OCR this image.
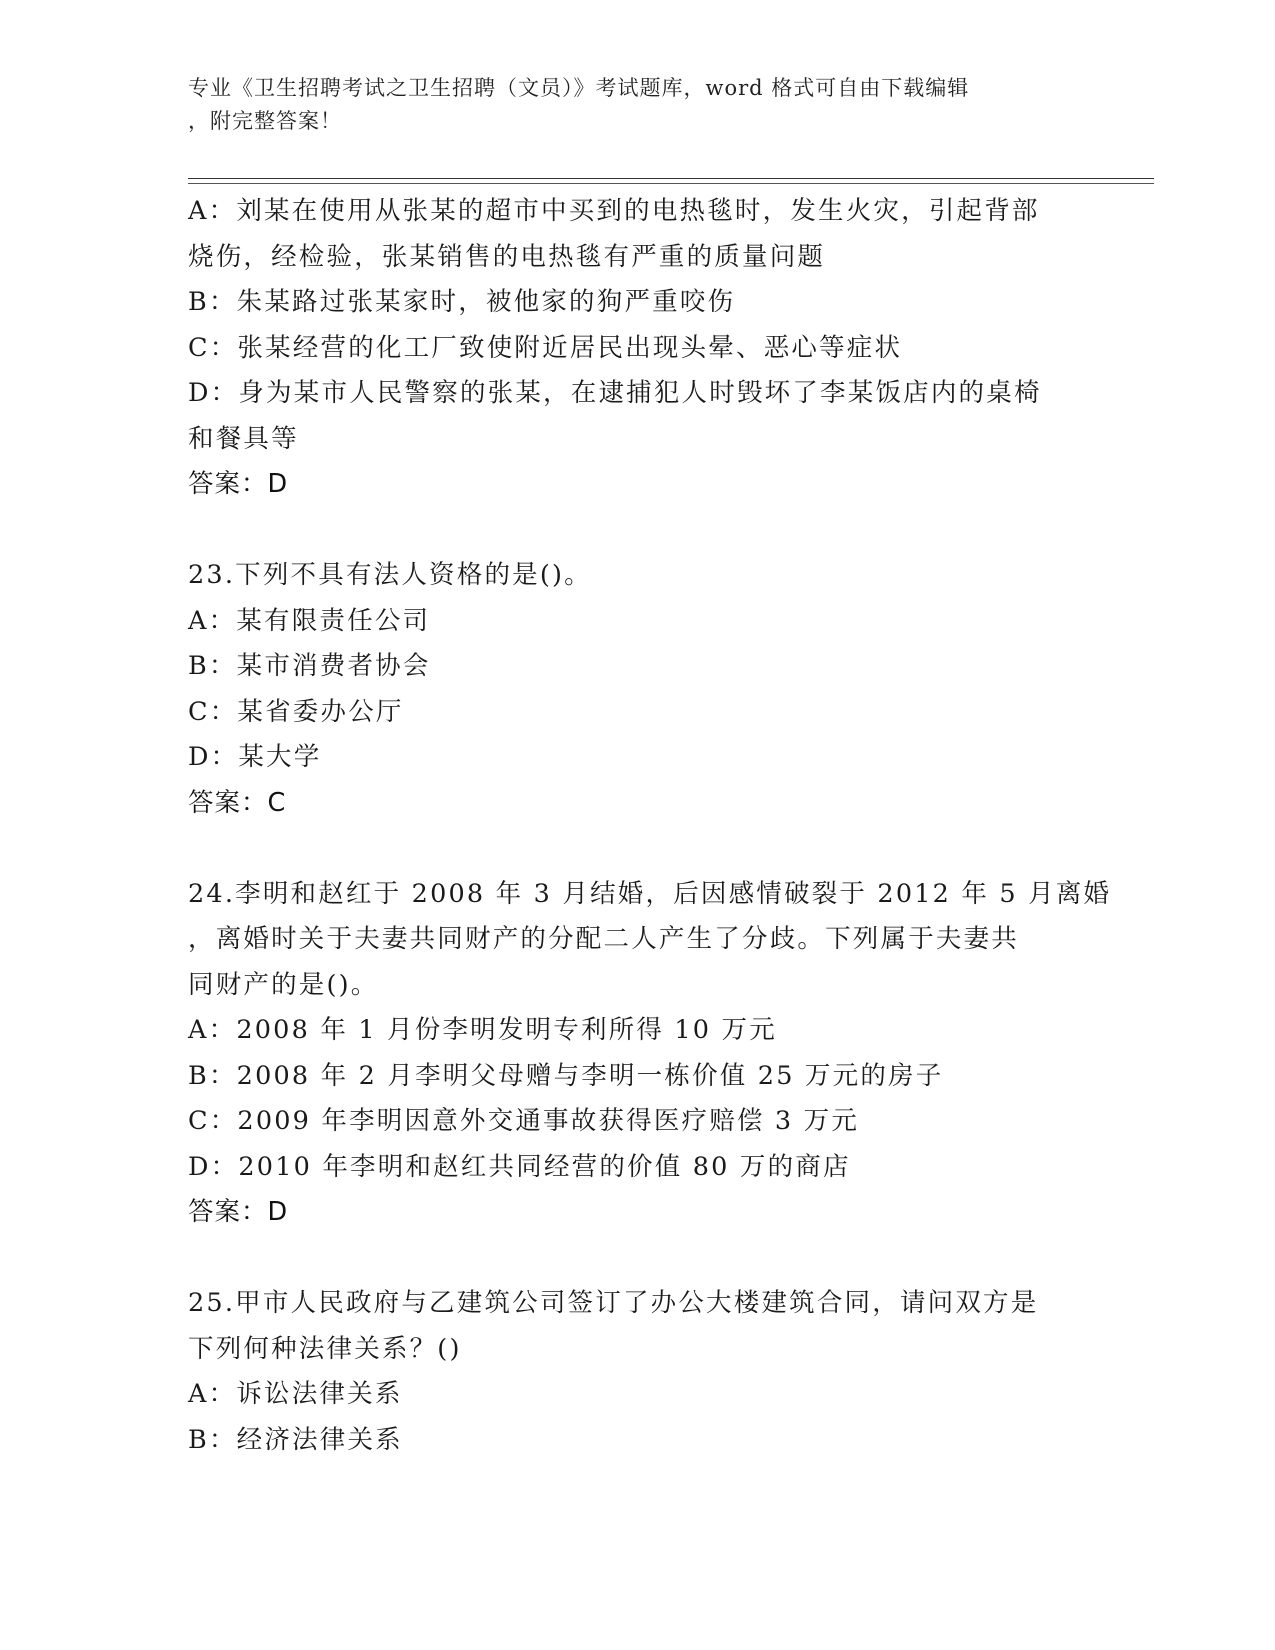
专业《卫生招聘考试之卫生招聘（文员）》考试题库，word 格式可自由下载编辑
，附完整答案！
A：刘某在使用从张某的超市中买到的电热毯时，发生火灾，引起背部
烧伤，经检验，张某销售的电热毯有严重的质量问题
B：朱某路过张某家时，被他家的狗严重咬伤
C：张某经营的化工厂致使附近居民出现头晕、恶心等症状
D：身为某市人民警察的张某，在逮捕犯人时毁坏了李某饭店内的桌椅
和餐具等
答案：D
23.下列不具有法人资格的是()。
A：某有限责任公司
B：某市消费者协会
C：某省委办公厅
D：某大学
答案：C
24.李明和赵红于 2008 年 3 月结婚，后因感情破裂于 2012 年 5 月离婚
，离婚时关于夫妻共同财产的分配二人产生了分歧。下列属于夫妻共
同财产的是()。
A：2008 年 1 月份李明发明专利所得 10 万元
B：2008 年 2 月李明父母赠与李明一栋价值 25 万元的房子
C：2009 年李明因意外交通事故获得医疗赔偿 3 万元
D：2010 年李明和赵红共同经营的价值 80 万的商店
答案：D
25.甲市人民政府与乙建筑公司签订了办公大楼建筑合同，请问双方是
下列何种法律关系？()
A：诉讼法律关系
B：经济法律关系
